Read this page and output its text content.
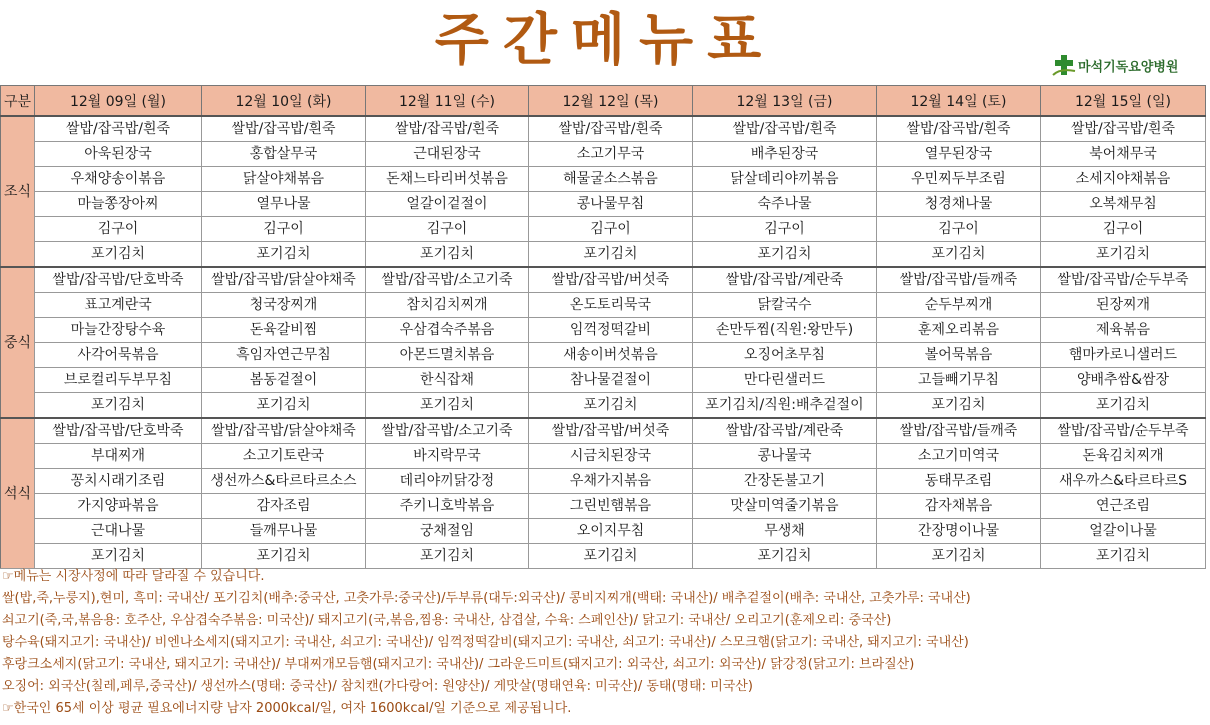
주간메뉴표	마석기독요양병원
구분	12월 09일 (월)	12월 10일 (화)	12월 11일 (수)	12월 12일 (목)	12월 13일 (금)	12월 14일 (토)	12월 15일 (일)
조식	쌀밥/잡곡밥/흰죽	쌀밥/잡곡밥/흰죽	쌀밥/잡곡밥/흰죽	쌀밥/잡곡밥/흰죽	쌀밥/잡곡밥/흰죽	쌀밥/잡곡밥/흰죽	쌀밥/잡곡밥/흰죽
	아욱된장국	홍합살무국	근대된장국	소고기무국	배추된장국	열무된장국	북어채무국
	우채양송이볶음	닭살야채볶음	돈채느타리버섯볶음	해물굴소스볶음	닭살데리야끼볶음	우민찌두부조림	소세지야채볶음
	마늘쫑장아찌	열무나물	얼갈이겉절이	콩나물무침	숙주나물	청경채나물	오복채무침
	김구이	김구이	김구이	김구이	김구이	김구이	김구이
	포기김치	포기김치	포기김치	포기김치	포기김치	포기김치	포기김치
중식	쌀밥/잡곡밥/단호박죽	쌀밥/잡곡밥/닭살야채죽	쌀밥/잡곡밥/소고기죽	쌀밥/잡곡밥/버섯죽	쌀밥/잡곡밥/계란죽	쌀밥/잡곡밥/들깨죽	쌀밥/잡곡밥/순두부죽
	표고계란국	청국장찌개	참치김치찌개	온도토리묵국	닭칼국수	순두부찌개	된장찌개
	마늘간장탕수육	돈육갈비찜	우삼겹숙주볶음	임꺽정떡갈비	손만두찜(직원:왕만두)	훈제오리볶음	제육볶음
	사각어묵볶음	흑임자연근무침	아몬드멸치볶음	새송이버섯볶음	오징어초무침	볼어묵볶음	햄마카로니샐러드
	브로컬리두부무침	봄동겉절이	한식잡채	참나물겉절이	만다린샐러드	고들빼기무침	양배추쌈&쌈장
	포기김치	포기김치	포기김치	포기김치	포기김치/직원:배추겉절이	포기김치	포기김치
석식	쌀밥/잡곡밥/단호박죽	쌀밥/잡곡밥/닭살야채죽	쌀밥/잡곡밥/소고기죽	쌀밥/잡곡밥/버섯죽	쌀밥/잡곡밥/계란죽	쌀밥/잡곡밥/들깨죽	쌀밥/잡곡밥/순두부죽
	부대찌개	소고기토란국	바지락무국	시금치된장국	콩나물국	소고기미역국	돈육김치찌개
	꽁치시래기조림	생선까스&타르타르소스	데리야끼닭강정	우채가지볶음	간장돈불고기	동태무조림	새우까스&타르타르S
	가지양파볶음	감자조림	주키니호박볶음	그린빈햄볶음	맛살미역줄기볶음	감자채볶음	연근조림
	근대나물	들깨무나물	궁채절임	오이지무침	무생채	간장명이나물	얼갈이나물
	포기김치	포기김치	포기김치	포기김치	포기김치	포기김치	포기김치
☞메뉴는 시장사정에 따라 달라질 수 있습니다.
쌀(밥,죽,누룽지),현미, 흑미: 국내산/ 포기김치(배추:중국산, 고춧가루:중국산)/두부류(대두:외국산)/ 콩비지찌개(백태: 국내산)/ 배추겉절이(배추: 국내산, 고춧가루: 국내산)
쇠고기(죽,국,볶음용: 호주산, 우삼겹숙주볶음: 미국산)/ 돼지고기(국,볶음,찜용: 국내산, 삼겹살, 수육: 스페인산)/ 닭고기: 국내산/ 오리고기(훈제오리: 중국산)
탕수육(돼지고기: 국내산)/ 비엔나소세지(돼지고기: 국내산, 쇠고기: 국내산)/ 임꺽정떡갈비(돼지고기: 국내산, 쇠고기: 국내산)/ 스모크햄(닭고기: 국내산, 돼지고기: 국내산)
후랑크소세지(닭고기: 국내산, 돼지고기: 국내산)/ 부대찌개모듬햄(돼지고기: 국내산)/ 그라운드미트(돼지고기: 외국산, 쇠고기: 외국산)/ 닭강정(닭고기: 브라질산)
오징어: 외국산(칠레,페루,중국산)/ 생선까스(명태: 중국산)/ 참치캔(가다랑어: 원양산)/ 게맛살(명태연육: 미국산)/ 동태(명태: 미국산)
☞한국인 65세 이상 평균 필요에너지량 남자 2000kcal/일, 여자 1600kcal/일 기준으로 제공됩니다.
